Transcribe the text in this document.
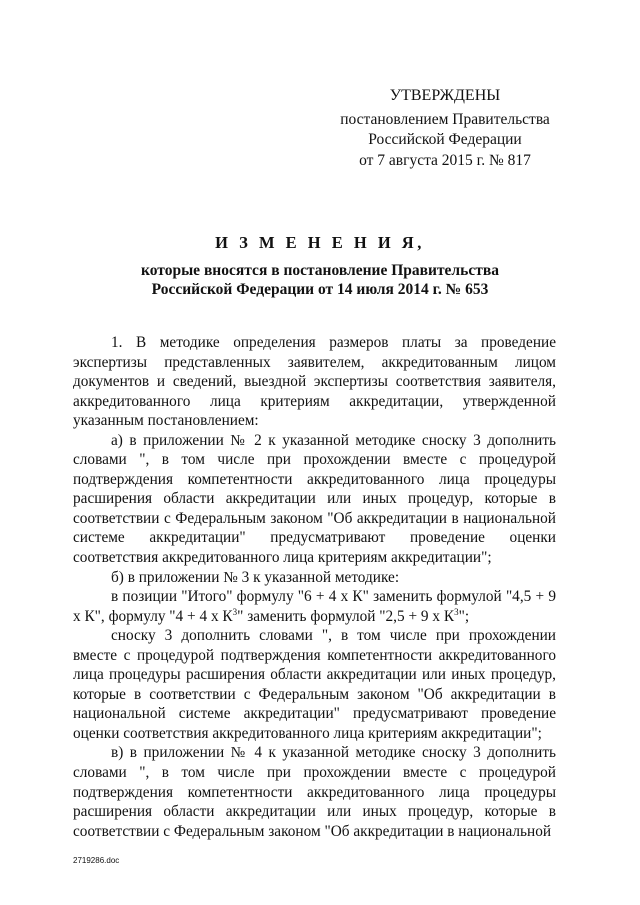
УТВЕРЖДЕНЫ
постановлением Правительства
Российской Федерации
от 7 августа 2015 г. № 817
И З М Е Н Е Н И Я,
которые вносятся в постановление Правительства
Российской Федерации от 14 июля 2014 г. № 653

1. В методике определения размеров платы за проведение экспертизы представленных заявителем, аккредитованным лицом документов и сведений, выездной экспертизы соответствия заявителя, аккредитованного лица критериям аккредитации, утвержденной указанным постановлением:

а) в приложении № 2 к указанной методике сноску 3 дополнить словами ", в том числе при прохождении вместе с процедурой подтверждения компетентности аккредитованного лица процедуры расширения области аккредитации или иных процедур, которые в соответствии с Федеральным законом "Об аккредитации в национальной системе аккредитации" предусматривают проведение оценки соответствия аккредитованного лица критериям аккредитации";

б) в приложении № 3 к указанной методике:

в позиции "Итого" формулу "6 + 4 х К" заменить формулой "4,5 + 9 х К", формулу "4 + 4 х $К^3$" заменить формулой "2,5 + 9 х $К^3$";

сноску 3 дополнить словами ", в том числе при прохождении вместе с процедурой подтверждения компетентности аккредитованного лица процедуры расширения области аккредитации или иных процедур, которые в соответствии с Федеральным законом "Об аккредитации в национальной системе аккредитации" предусматривают проведение оценки соответствия аккредитованного лица критериям аккредитации";

в) в приложении № 4 к указанной методике сноску 3 дополнить словами ", в том числе при прохождении вместе с процедурой подтверждения компетентности аккредитованного лица процедуры расширения области аккредитации или иных процедур, которые в соответствии с Федеральным законом "Об аккредитации в национальной

2719286.doc
